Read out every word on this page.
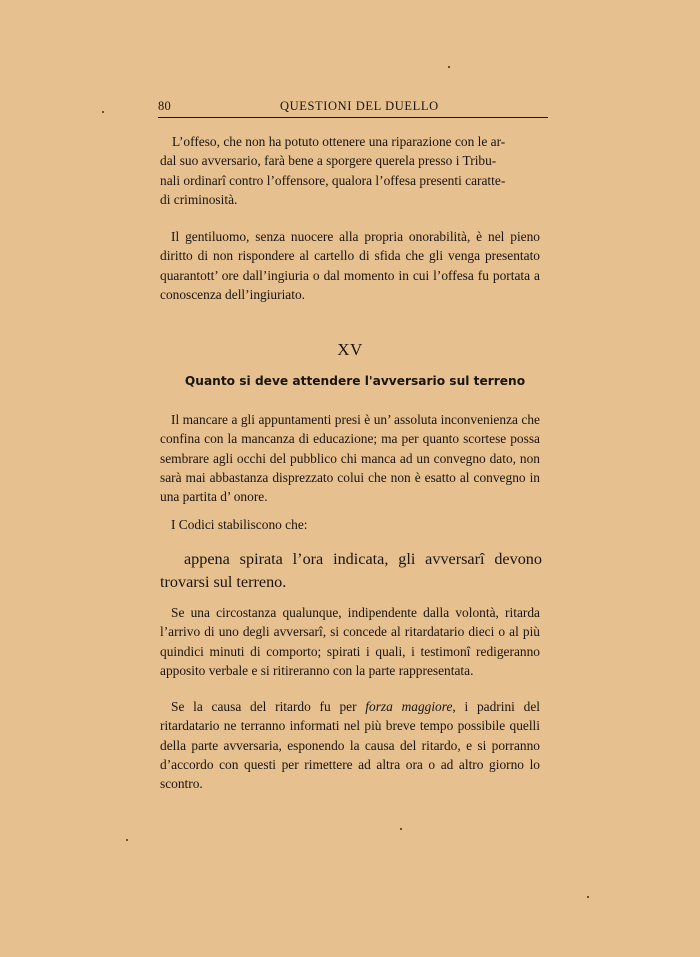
80	QUESTIONI DEL DUELLO
L’offeso, che non ha potuto ottenere una riparazione con le ar-
dal suo avversario, farà bene a sporgere querela presso i Tribu-
nali ordinarî contro l’offensore, qualora l’offesa presenti caratte-
di criminosità.

Il gentiluomo, senza nuocere alla propria onorabilità, è nel pieno diritto di non rispondere al cartello di sfida che gli venga presentato quarantott’ ore dall’ingiuria o dal momento in cui l’offesa fu portata a conoscenza dell’ingiuriato.

XV
Quanto si deve attendere l'avversario sul terreno

Il mancare a gli appuntamenti presi è un’ assoluta inconvenienza che confina con la mancanza di educazione; ma per quanto scortese possa sembrare agli occhi del pubblico chi manca ad un convegno dato, non sarà mai abbastanza disprezzato colui che non è esatto al convegno in una partita d’ onore.

I Codici stabiliscono che:

appena spirata l’ora indicata, gli avversarî devono trovarsi sul terreno.

Se una circostanza qualunque, indipendente dalla volontà, ritarda l’arrivo di uno degli avversarî, si concede al ritardatario dieci o al più quindici minuti di comporto; spirati i quali, i testimonî redigeranno apposito verbale e si ritireranno con la parte rappresentata.

Se la causa del ritardo fu per forza maggiore, i padrini del ritardatario ne terranno informati nel più breve tempo possibile quelli della parte avversaria, esponendo la causa del ritardo, e si porranno d’accordo con questi per rimettere ad altra ora o ad altro giorno lo scontro.
